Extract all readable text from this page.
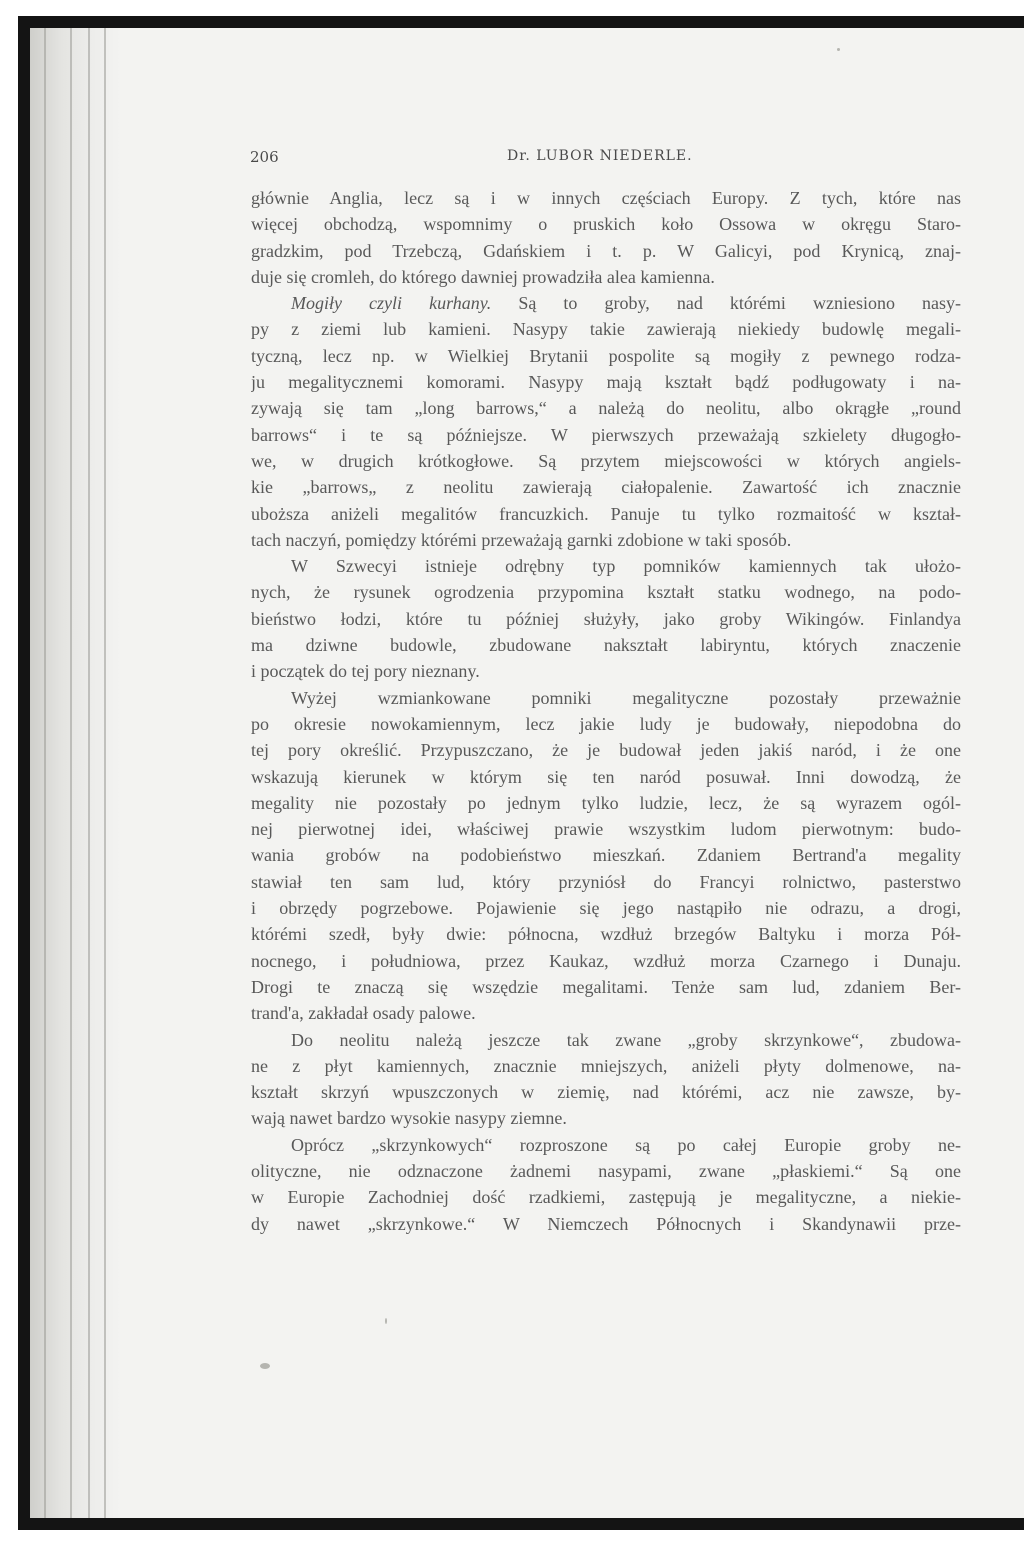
206	Dr. LUBOR NIEDERLE.
głównie Anglia, lecz są i w innych częściach Europy. Z tych, które nas
więcej obchodzą, wspomnimy o pruskich koło Ossowa w okręgu Staro-
gradzkim, pod Trzebczą, Gdańskiem i t. p. W Galicyi, pod Krynicą, znaj-
duje się cromleh, do którego dawniej prowadziła alea kamienna.
Mogiły czyli kurhany. Są to groby, nad którémi wzniesiono nasy-
py z ziemi lub kamieni. Nasypy takie zawierają niekiedy budowlę megali-
tyczną, lecz np. w Wielkiej Brytanii pospolite są mogiły z pewnego rodza-
ju megalitycznemi komorami. Nasypy mają kształt bądź podługowaty i na-
zywają się tam „long barrows,“ a należą do neolitu, albo okrągłe „round
barrows“ i te są późniejsze. W pierwszych przeważają szkielety długogło-
we, w drugich krótkogłowe. Są przytem miejscowości w których angiels-
kie „barrows„ z neolitu zawierają ciałopalenie. Zawartość ich znacznie
uboższa aniżeli megalitów francuzkich. Panuje tu tylko rozmaitość w kształ-
tach naczyń, pomiędzy którémi przeważają garnki zdobione w taki sposób.
W Szwecyi istnieje odrębny typ pomników kamiennych tak ułożo-
nych, że rysunek ogrodzenia przypomina kształt statku wodnego, na podo-
bieństwo łodzi, które tu później służyły, jako groby Wikingów. Finlandya
ma dziwne budowle, zbudowane nakształt labiryntu, których znaczenie
i początek do tej pory nieznany.
Wyżej wzmiankowane pomniki megalityczne pozostały przeważnie
po okresie nowokamiennym, lecz jakie ludy je budowały, niepodobna do
tej pory określić. Przypuszczano, że je budował jeden jakiś naród, i że one
wskazują kierunek w którym się ten naród posuwał. Inni dowodzą, że
megality nie pozostały po jednym tylko ludzie, lecz, że są wyrazem ogól-
nej pierwotnej idei, właściwej prawie wszystkim ludom pierwotnym: budo-
wania grobów na podobieństwo mieszkań. Zdaniem Bertrand'a megality
stawiał ten sam lud, który przyniósł do Francyi rolnictwo, pasterstwo
i obrzędy pogrzebowe. Pojawienie się jego nastąpiło nie odrazu, a drogi,
którémi szedł, były dwie: północna, wzdłuż brzegów Baltyku i morza Pół-
nocnego, i południowa, przez Kaukaz, wzdłuż morza Czarnego i Dunaju.
Drogi te znaczą się wszędzie megalitami. Tenże sam lud, zdaniem Ber-
trand'a, zakładał osady palowe.
Do neolitu należą jeszcze tak zwane „groby skrzynkowe“, zbudowa-
ne z płyt kamiennych, znacznie mniejszych, aniżeli płyty dolmenowe, na-
kształt skrzyń wpuszczonych w ziemię, nad którémi, acz nie zawsze, by-
wają nawet bardzo wysokie nasypy ziemne.
Oprócz „skrzynkowych“ rozproszone są po całej Europie groby ne-
olityczne, nie odznaczone żadnemi nasypami, zwane „płaskiemi.“ Są one
w Europie Zachodniej dość rzadkiemi, zastępują je megalityczne, a niekie-
dy nawet „skrzynkowe.“ W Niemczech Północnych i Skandynawii prze-
